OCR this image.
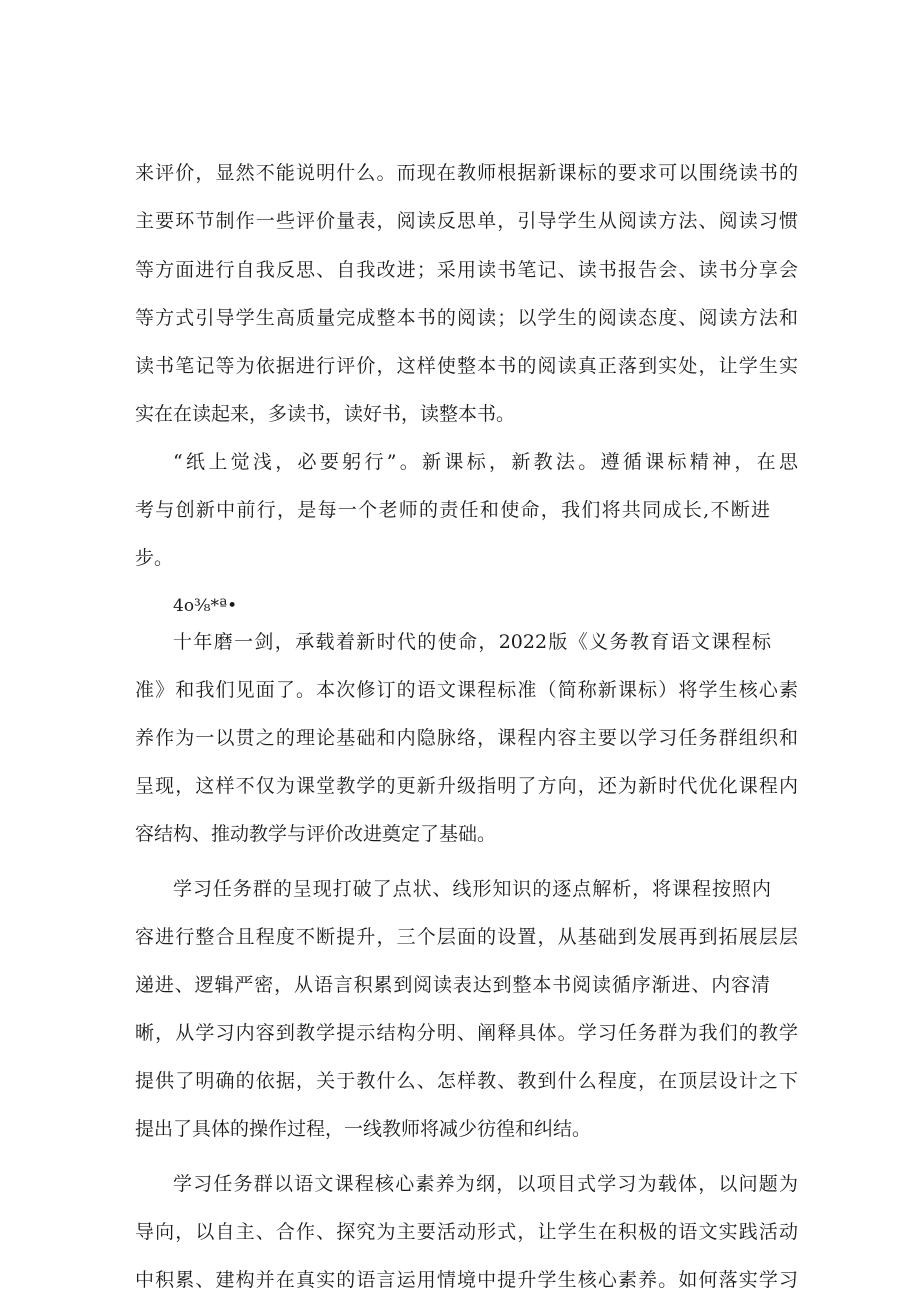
来评价，显然不能说明什么。而现在教师根据新课标的要求可以围绕读书的

主要环节制作一些评价量表，阅读反思单，引导学生从阅读方法、阅读习惯

等方面进行自我反思、自我改进；采用读书笔记、读书报告会、读书分享会

等方式引导学生高质量完成整本书的阅读；以学生的阅读态度、阅读方法和

读书笔记等为依据进行评价，这样使整本书的阅读真正落到实处，让学生实

实在在读起来，多读书，读好书，读整本书。

“纸上觉浅，必要躬行”。新课标，新教法。遵循课标精神，在思

考与创新中前行，是每一个老师的责任和使命，我们将共同成长,不断进

步。

4o⅜*ª•

十年磨一剑，承载着新时代的使命，2022版《义务教育语文课程标

准》和我们见面了。本次修订的语文课程标准（简称新课标）将学生核心素

养作为一以贯之的理论基础和内隐脉络，课程内容主要以学习任务群组织和

呈现，这样不仅为课堂教学的更新升级指明了方向，还为新时代优化课程内

容结构、推动教学与评价改进奠定了基础。

学习任务群的呈现打破了点状、线形知识的逐点解析，将课程按照内

容进行整合且程度不断提升，三个层面的设置，从基础到发展再到拓展层层

递进、逻辑严密，从语言积累到阅读表达到整本书阅读循序渐进、内容清

晰，从学习内容到教学提示结构分明、阐释具体。学习任务群为我们的教学

提供了明确的依据，关于教什么、怎样教、教到什么程度，在顶层设计之下

提出了具体的操作过程，一线教师将减少彷徨和纠结。

学习任务群以语文课程核心素养为纲，以项目式学习为载体，以问题为

导向，以自主、合作、探究为主要活动形式，让学生在积极的语文实践活动

中积累、建构并在真实的语言运用情境中提升学生核心素养。如何落实学习
